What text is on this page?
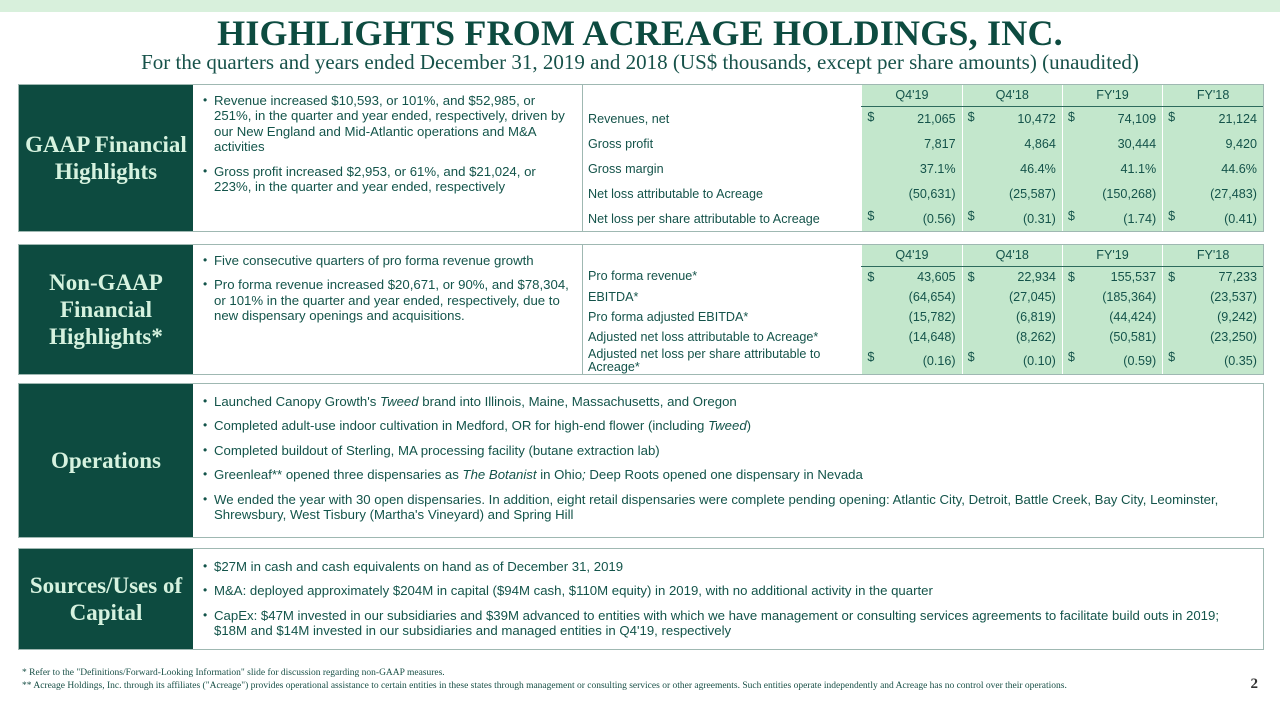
HIGHLIGHTS FROM ACREAGE HOLDINGS, INC.
For the quarters and years ended December 31, 2019 and 2018 (US$ thousands, except per share amounts) (unaudited)
GAAP Financial Highlights
• Revenue increased $10,593, or 101%, and $52,985, or 251%, in the quarter and year ended, respectively, driven by our New England and Mid-Atlantic operations and M&A activities
• Gross profit increased $2,953, or 61%, and $21,024, or 223%, in the quarter and year ended, respectively
	Q4'19	Q4'18	FY'19	FY'18
Revenues, net	$ 21,065	$ 10,472	$ 74,109	$ 21,124
Gross profit	7,817	4,864	30,444	9,420
Gross margin	37.1%	46.4%	41.1%	44.6%
Net loss attributable to Acreage	(50,631)	(25,587)	(150,268)	(27,483)
Net loss per share attributable to Acreage	$ (0.56)	$ (0.31)	$ (1.74)	$ (0.41)
Non-GAAP Financial Highlights*
• Five consecutive quarters of pro forma revenue growth
• Pro forma revenue increased $20,671, or 90%, and $78,304, or 101% in the quarter and year ended, respectively, due to new dispensary openings and acquisitions.
	Q4'19	Q4'18	FY'19	FY'18
Pro forma revenue*	$ 43,605	$ 22,934	$ 155,537	$ 77,233
EBITDA*	(64,654)	(27,045)	(185,364)	(23,537)
Pro forma adjusted EBITDA*	(15,782)	(6,819)	(44,424)	(9,242)
Adjusted net loss attributable to Acreage*	(14,648)	(8,262)	(50,581)	(23,250)
Adjusted net loss per share attributable to Acreage*	$ (0.16)	$ (0.10)	$ (0.59)	$ (0.35)
Operations
• Launched Canopy Growth's Tweed brand into Illinois, Maine, Massachusetts, and Oregon
• Completed adult-use indoor cultivation in Medford, OR for high-end flower (including Tweed)
• Completed buildout of Sterling, MA processing facility (butane extraction lab)
• Greenleaf** opened three dispensaries as The Botanist in Ohio; Deep Roots opened one dispensary in Nevada
• We ended the year with 30 open dispensaries. In addition, eight retail dispensaries were complete pending opening: Atlantic City, Detroit, Battle Creek, Bay City, Leominster, Shrewsbury, West Tisbury (Martha's Vineyard) and Spring Hill
Sources/Uses of Capital
• $27M in cash and cash equivalents on hand as of December 31, 2019
• M&A: deployed approximately $204M in capital ($94M cash, $110M equity) in 2019, with no additional activity in the quarter
• CapEx: $47M invested in our subsidiaries and $39M advanced to entities with which we have management or consulting services agreements to facilitate build outs in 2019; $18M and $14M invested in our subsidiaries and managed entities in Q4'19, respectively

* Refer to the "Definitions/Forward-Looking Information" slide for discussion regarding non-GAAP measures.

** Acreage Holdings, Inc. through its affiliates ("Acreage") provides operational assistance to certain entities in these states through management or consulting services or other agreements. Such entities operate independently and Acreage has no control over their operations.	2
